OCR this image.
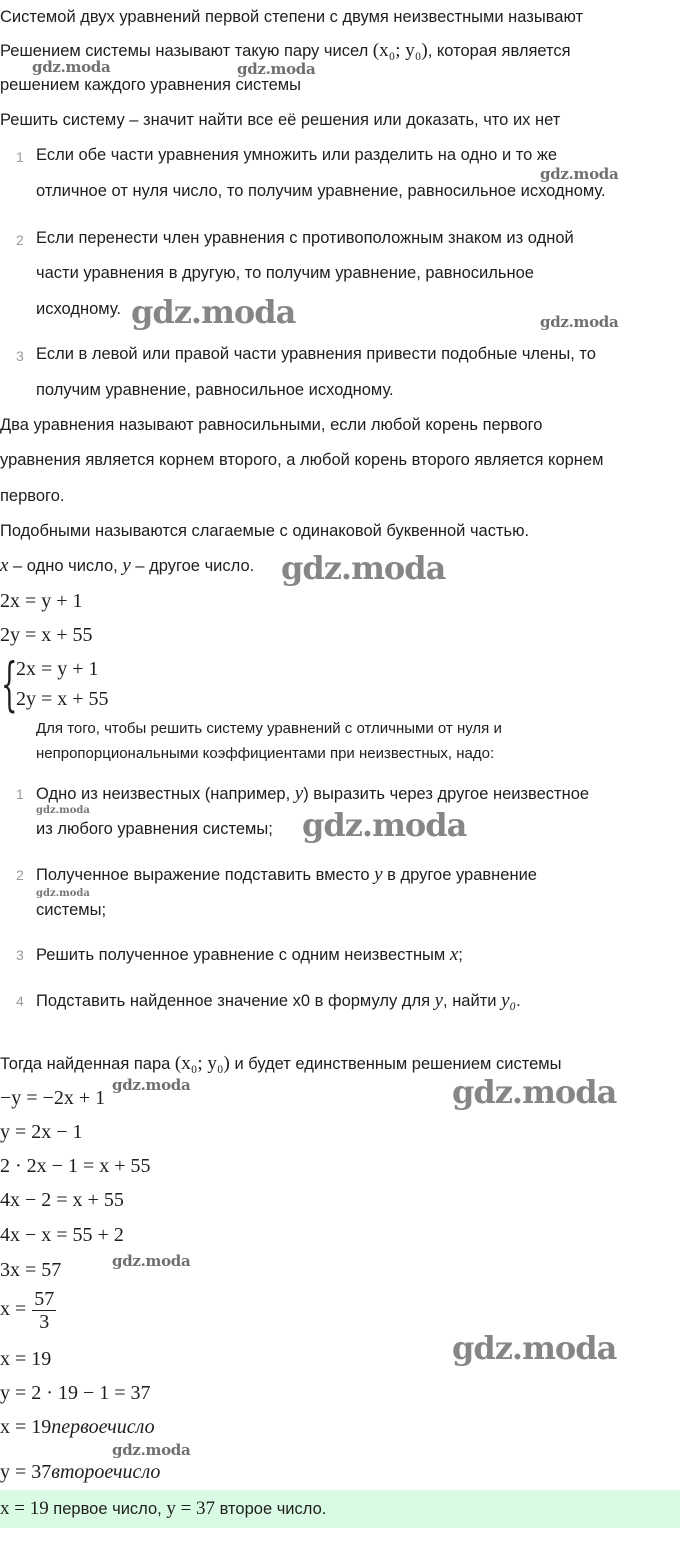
Системой двух уравнений первой степени с двумя неизвестными называют
Решением системы называют такую пару чисел (x₀; y₀), которая является
решением каждого уравнения системы
Решить систему – значит найти все её решения или доказать, что их нет
1 Если обе части уравнения умножить или разделить на одно и то же
отличное от нуля число, то получим уравнение, равносильное исходному.
2 Если перенести член уравнения с противоположным знаком из одной
части уравнения в другую, то получим уравнение, равносильное
исходному.
3 Если в левой или правой части уравнения привести подобные члены, то
получим уравнение, равносильное исходному.
Два уравнения называют равносильными, если любой корень первого
уравнения является корнем второго, а любой корень второго является корнем
первого.
Подобными называются слагаемые с одинаковой буквенной частью.
x – одно число, y – другое число.
2x = y + 1
2y = x + 55
{
2x = y + 1
2y = x + 55
Для того, чтобы решить систему уравнений с отличными от нуля и
непропорциональными коэффициентами при неизвестных, надо:
1 Одно из неизвестных (например, y) выразить через другое неизвестное
из любого уравнения системы;
2 Полученное выражение подставить вместо y в другое уравнение
системы;
3 Решить полученное уравнение с одним неизвестным x;
4 Подставить найденное значение x0 в формулу для y, найти y₀.
Тогда найденная пара (x₀; y₀) и будет единственным решением системы
−y = −2x + 1
y = 2x − 1
2 · 2x − 1 = x + 55
4x − 2 = x + 55
4x − x = 55 + 2
3x = 57
$x = \frac{57}{3}$
x = 19
y = 2 · 19 − 1 = 37
x = 19первоечисло
y = 37второечисло
x = 19 первое число, y = 37 второе число.
gdz.moda	gdz.moda
gdz.moda
gdz.moda	gdz.moda
gdz.moda
gdz.moda	gdz.moda
gdz.moda
gdz.moda	gdz.moda
gdz.moda
gdz.moda
gdz.moda
